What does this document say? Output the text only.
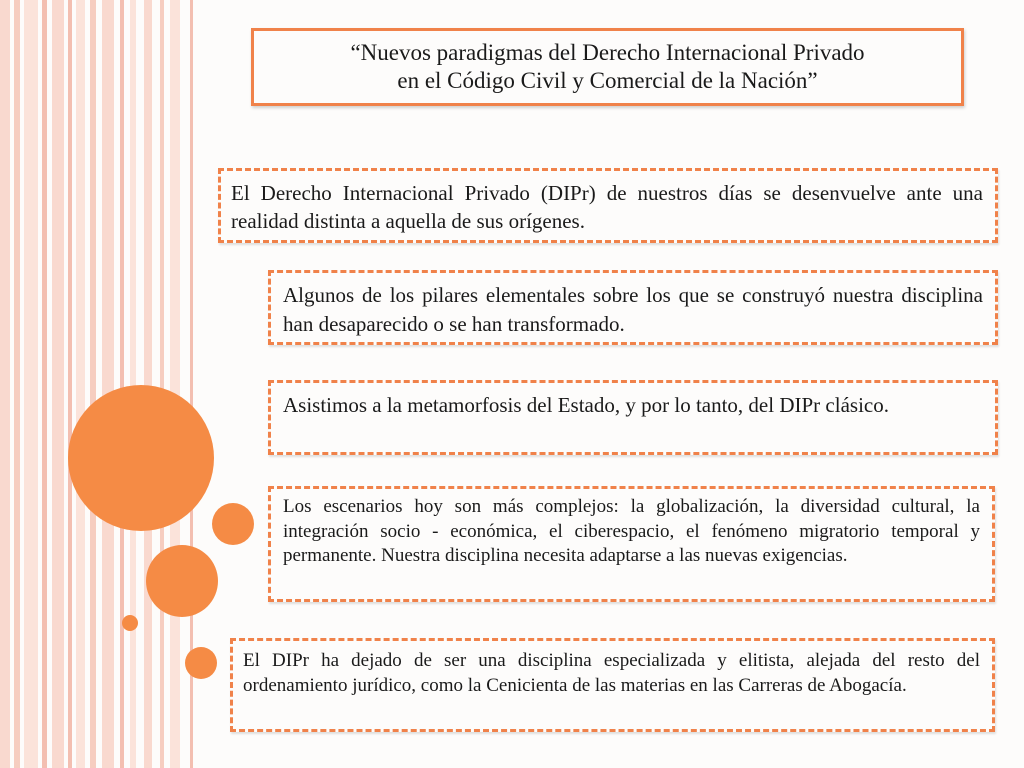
“Nuevos paradigmas del Derecho Internacional Privado
en el Código Civil y Comercial de la Nación”
El Derecho Internacional Privado (DIPr) de nuestros días se desenvuelve ante una realidad distinta a aquella de sus orígenes.
Algunos de los pilares elementales sobre los que se construyó nuestra disciplina han desaparecido o se han transformado.
Asistimos a la metamorfosis del Estado, y por lo tanto, del DIPr clásico.
Los escenarios hoy son más complejos: la globalización, la diversidad cultural, la integración socio - económica, el ciberespacio, el fenómeno migratorio temporal y permanente. Nuestra disciplina necesita adaptarse a las nuevas exigencias.
El DIPr ha dejado de ser una disciplina especializada y elitista, alejada del resto del ordenamiento jurídico, como la Cenicienta de las materias en las Carreras de Abogacía.
